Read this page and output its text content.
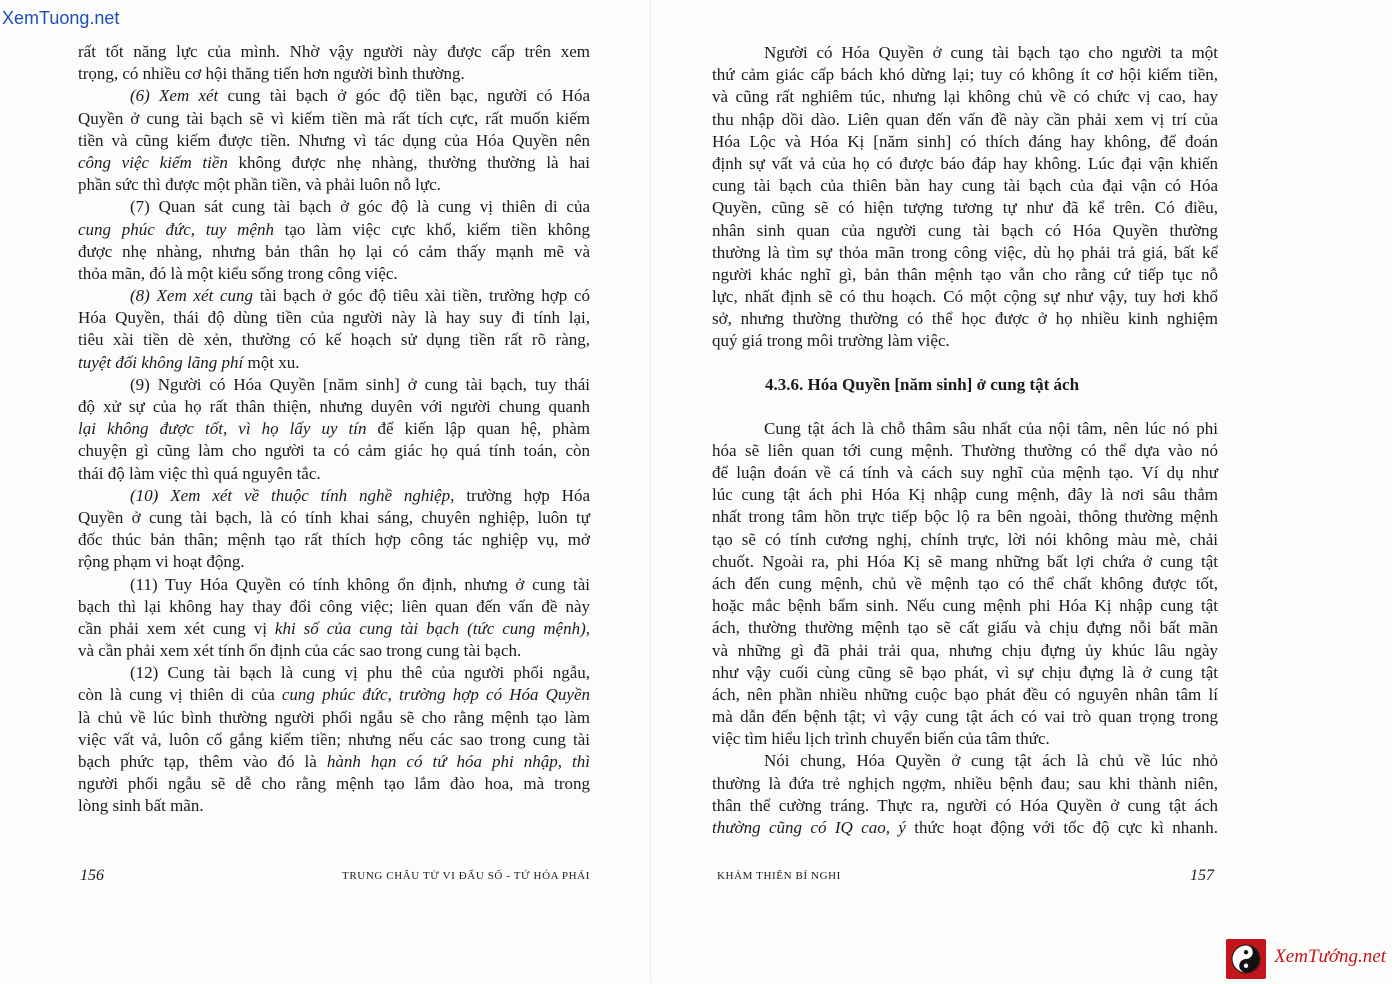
XemTuong.net
rất tốt năng lực của mình. Nhờ vậy người này được cấp trên xem
trọng, có nhiều cơ hội thăng tiến hơn người bình thường.
(6) Xem xét cung tài bạch ở góc độ tiền bạc, người có Hóa
Quyền ở cung tài bạch sẽ vì kiếm tiền mà rất tích cực, rất muốn kiếm
tiền và cũng kiếm được tiền. Nhưng vì tác dụng của Hóa Quyền nên
công việc kiếm tiền không được nhẹ nhàng, thường thường là hai
phần sức thì được một phần tiền, và phải luôn nỗ lực.
(7) Quan sát cung tài bạch ở góc độ là cung vị thiên di của
cung phúc đức, tuy mệnh tạo làm việc cực khổ, kiếm tiền không
được nhẹ nhàng, nhưng bản thân họ lại có cảm thấy mạnh mẽ và
thỏa mãn, đó là một kiểu sống trong công việc.
(8) Xem xét cung tài bạch ở góc độ tiêu xài tiền, trường hợp có
Hóa Quyền, thái độ dùng tiền của người này là hay suy đi tính lại,
tiêu xài tiền dè xẻn, thường có kế hoạch sử dụng tiền rất rõ ràng,
tuyệt đối không lãng phí một xu.
(9) Người có Hóa Quyền [năm sinh] ở cung tài bạch, tuy thái
độ xử sự của họ rất thân thiện, nhưng duyên với người chung quanh
lại không được tốt, vì họ lấy uy tín để kiến lập quan hệ, phàm
chuyện gì cũng làm cho người ta có cảm giác họ quá tính toán, còn
thái độ làm việc thì quá nguyên tắc.
(10) Xem xét về thuộc tính nghề nghiệp, trường hợp Hóa
Quyền ở cung tài bạch, là có tính khai sáng, chuyên nghiệp, luôn tự
đốc thúc bản thân; mệnh tạo rất thích hợp công tác nghiệp vụ, mở
rộng phạm vi hoạt động.
(11) Tuy Hóa Quyền có tính không ổn định, nhưng ở cung tài
bạch thì lại không hay thay đổi công việc; liên quan đến vấn đề này
cần phải xem xét cung vị khi số của cung tài bạch (tức cung mệnh),
và cần phải xem xét tính ổn định của các sao trong cung tài bạch.
(12) Cung tài bạch là cung vị phu thê của người phối ngẫu,
còn là cung vị thiên di của cung phúc đức, trường hợp có Hóa Quyền
là chủ về lúc bình thường người phối ngẫu sẽ cho rằng mệnh tạo làm
việc vất vả, luôn cố gắng kiếm tiền; nhưng nếu các sao trong cung tài
bạch phức tạp, thêm vào đó là hành hạn có tứ hóa phi nhập, thì
người phối ngẫu sẽ dễ cho rằng mệnh tạo lắm đào hoa, mà trong
lòng sinh bất mãn.
156	TRUNG CHÂU TỬ VI ĐẨU SỐ - TỨ HÓA PHÁI
Người có Hóa Quyền ở cung tài bạch tạo cho người ta một
thứ cảm giác cấp bách khó dừng lại; tuy có không ít cơ hội kiếm tiền,
và cũng rất nghiêm túc, nhưng lại không chủ về có chức vị cao, hay
thu nhập dồi dào. Liên quan đến vấn đề này cần phải xem vị trí của
Hóa Lộc và Hóa Kị [năm sinh] có thích đáng hay không, để đoán
định sự vất vả của họ có được báo đáp hay không. Lúc đại vận khiến
cung tài bạch của thiên bàn hay cung tài bạch của đại vận có Hóa
Quyền, cũng sẽ có hiện tượng tương tự như đã kể trên. Có điều,
nhân sinh quan của người cung tài bạch có Hóa Quyền thường
thường là tìm sự thỏa mãn trong công việc, dù họ phải trả giá, bất kể
người khác nghĩ gì, bản thân mệnh tạo vẫn cho rằng cứ tiếp tục nỗ
lực, nhất định sẽ có thu hoạch. Có một cộng sự như vậy, tuy hơi khổ
sở, nhưng thường thường có thể học được ở họ nhiều kinh nghiệm
quý giá trong môi trường làm việc.
4.3.6. Hóa Quyền [năm sinh] ở cung tật ách
Cung tật ách là chỗ thâm sâu nhất của nội tâm, nên lúc nó phi
hóa sẽ liên quan tới cung mệnh. Thường thường có thể dựa vào nó
để luận đoán về cá tính và cách suy nghĩ của mệnh tạo. Ví dụ như
lúc cung tật ách phi Hóa Kị nhập cung mệnh, đây là nơi sâu thẳm
nhất trong tâm hồn trực tiếp bộc lộ ra bên ngoài, thông thường mệnh
tạo sẽ có tính cương nghị, chính trực, lời nói không màu mè, chải
chuốt. Ngoài ra, phi Hóa Kị sẽ mang những bất lợi chứa ở cung tật
ách đến cung mệnh, chủ về mệnh tạo có thể chất không được tốt,
hoặc mắc bệnh bẩm sinh. Nếu cung mệnh phi Hóa Kị nhập cung tật
ách, thường thường mệnh tạo sẽ cất giấu và chịu đựng nỗi bất mãn
và những gì đã phải trải qua, nhưng chịu đựng ủy khúc lâu ngày
như vậy cuối cùng cũng sẽ bạo phát, vì sự chịu đựng là ở cung tật
ách, nên phần nhiều những cuộc bạo phát đều có nguyên nhân tâm lí
mà dẫn đến bệnh tật; vì vậy cung tật ách có vai trò quan trọng trong
việc tìm hiểu lịch trình chuyển biến của tâm thức.
Nói chung, Hóa Quyền ở cung tật ách là chủ về lúc nhỏ
thường là đứa trẻ nghịch ngợm, nhiều bệnh đau; sau khi thành niên,
thân thể cường tráng. Thực ra, người có Hóa Quyền ở cung tật ách
thường cũng có IQ cao, ý thức hoạt động với tốc độ cực kì nhanh.
KHẢM THIÊN BÍ NGHI	157
XemTướng.net
